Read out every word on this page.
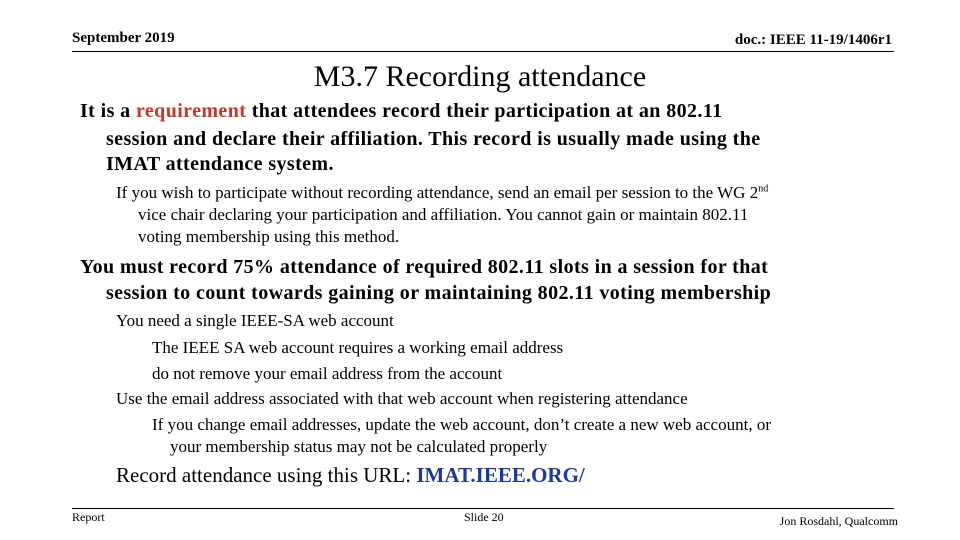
September 2019	doc.: IEEE 11-19/1406r1
M3.7 Recording attendance
It is a requirement that attendees record their participation at an 802.11
session and declare their affiliation. This record is usually made using the
IMAT attendance system.
If you wish to participate without recording attendance, send an email per session to the WG 2nd
vice chair declaring your participation and affiliation. You cannot gain or maintain 802.11
voting membership using this method.
You must record 75% attendance of required 802.11 slots in a session for that
session to count towards gaining or maintaining 802.11 voting membership
You need a single IEEE-SA web account
The IEEE SA web account requires a working email address
do not remove your email address from the account
Use the email address associated with that web account when registering attendance
If you change email addresses, update the web account, don’t create a new web account, or
your membership status may not be calculated properly
Record attendance using this URL: IMAT.IEEE.ORG/
Report	Slide 20	Jon Rosdahl, Qualcomm
